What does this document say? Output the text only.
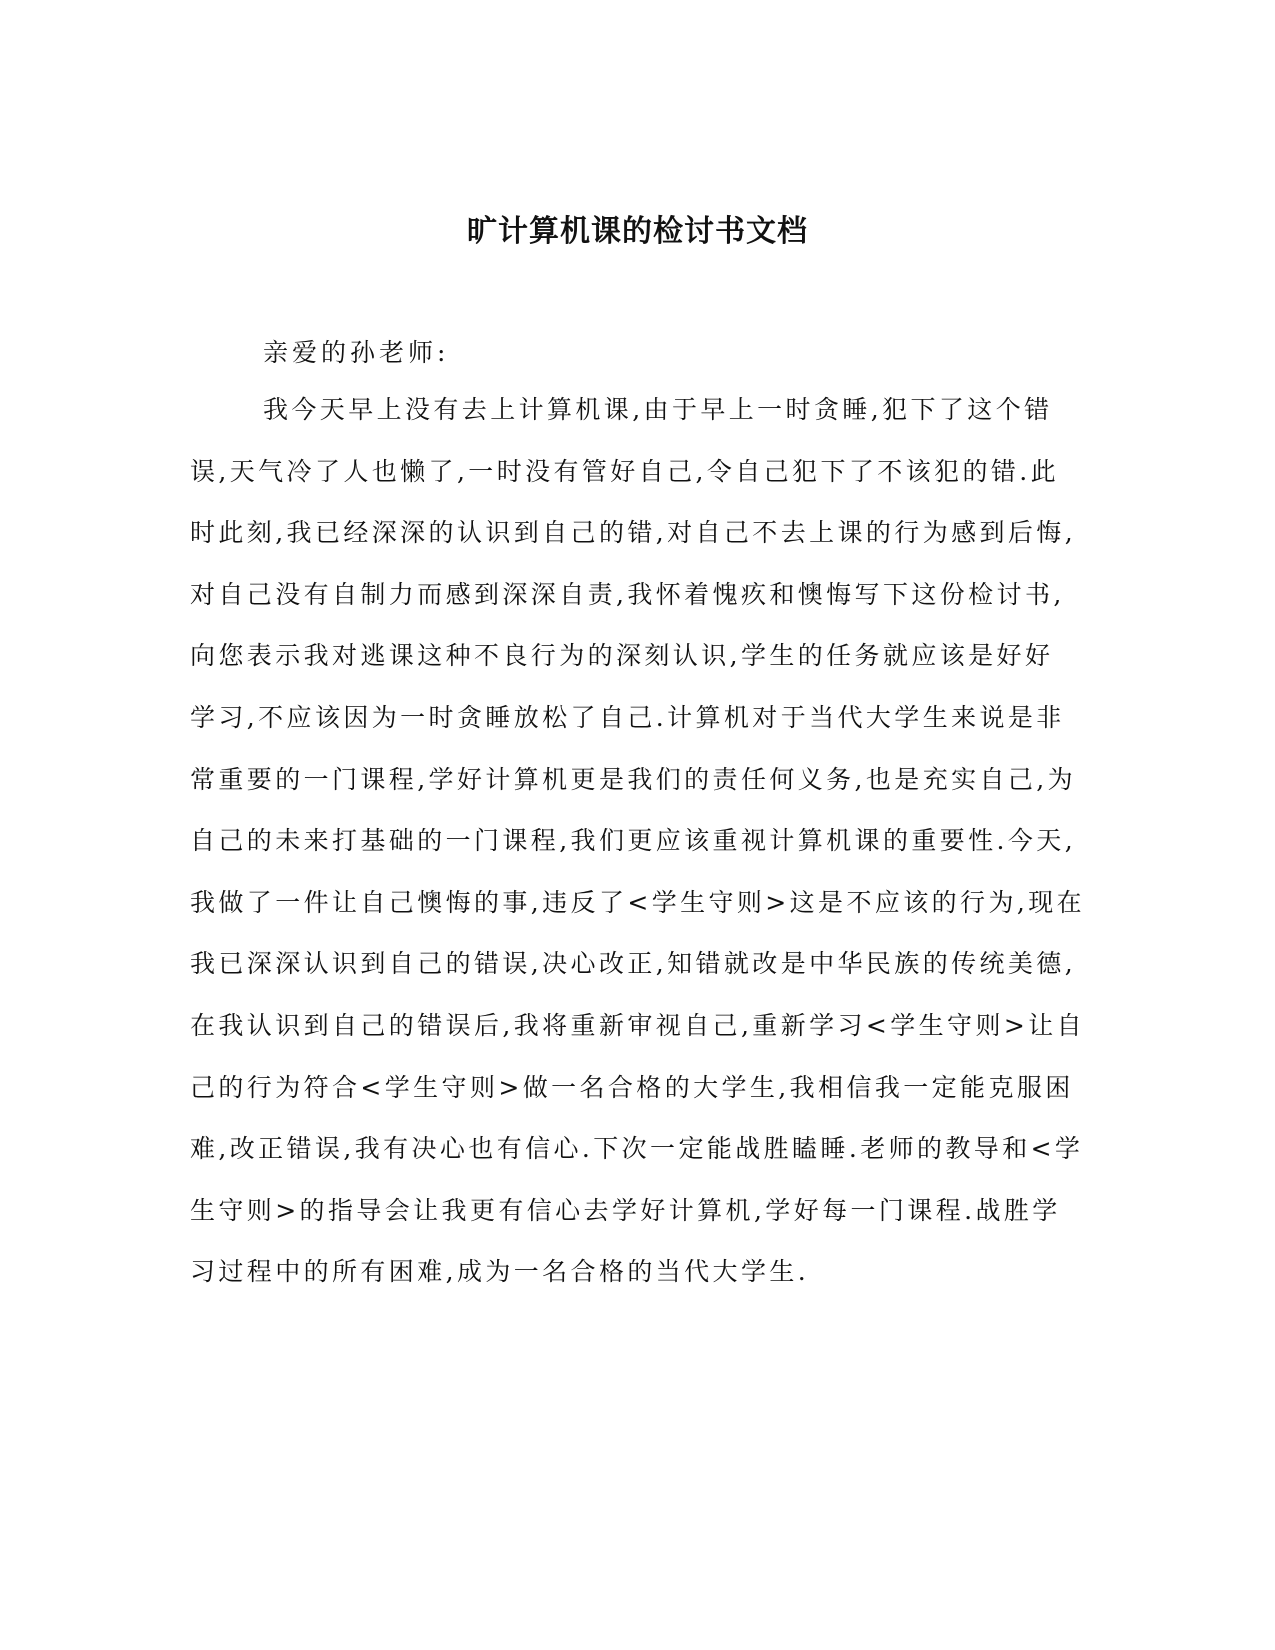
旷计算机课的检讨书文档

亲爱的孙老师:

我今天早上没有去上计算机课,由于早上一时贪睡,犯下了这个错
误,天气冷了人也懒了,一时没有管好自己,令自己犯下了不该犯的错.此
时此刻,我已经深深的认识到自己的错,对自己不去上课的行为感到后悔,
对自己没有自制力而感到深深自责,我怀着愧疚和懊悔写下这份检讨书,
向您表示我对逃课这种不良行为的深刻认识,学生的任务就应该是好好
学习,不应该因为一时贪睡放松了自己.计算机对于当代大学生来说是非
常重要的一门课程,学好计算机更是我们的责任何义务,也是充实自己,为
自己的未来打基础的一门课程,我们更应该重视计算机课的重要性.今天,
我做了一件让自己懊悔的事,违反了<学生守则>这是不应该的行为,现在
我已深深认识到自己的错误,决心改正,知错就改是中华民族的传统美德,
在我认识到自己的错误后,我将重新审视自己,重新学习<学生守则>让自
己的行为符合<学生守则>做一名合格的大学生,我相信我一定能克服困
难,改正错误,我有决心也有信心.下次一定能战胜瞌睡.老师的教导和<学
生守则>的指导会让我更有信心去学好计算机,学好每一门课程.战胜学
习过程中的所有困难,成为一名合格的当代大学生.
